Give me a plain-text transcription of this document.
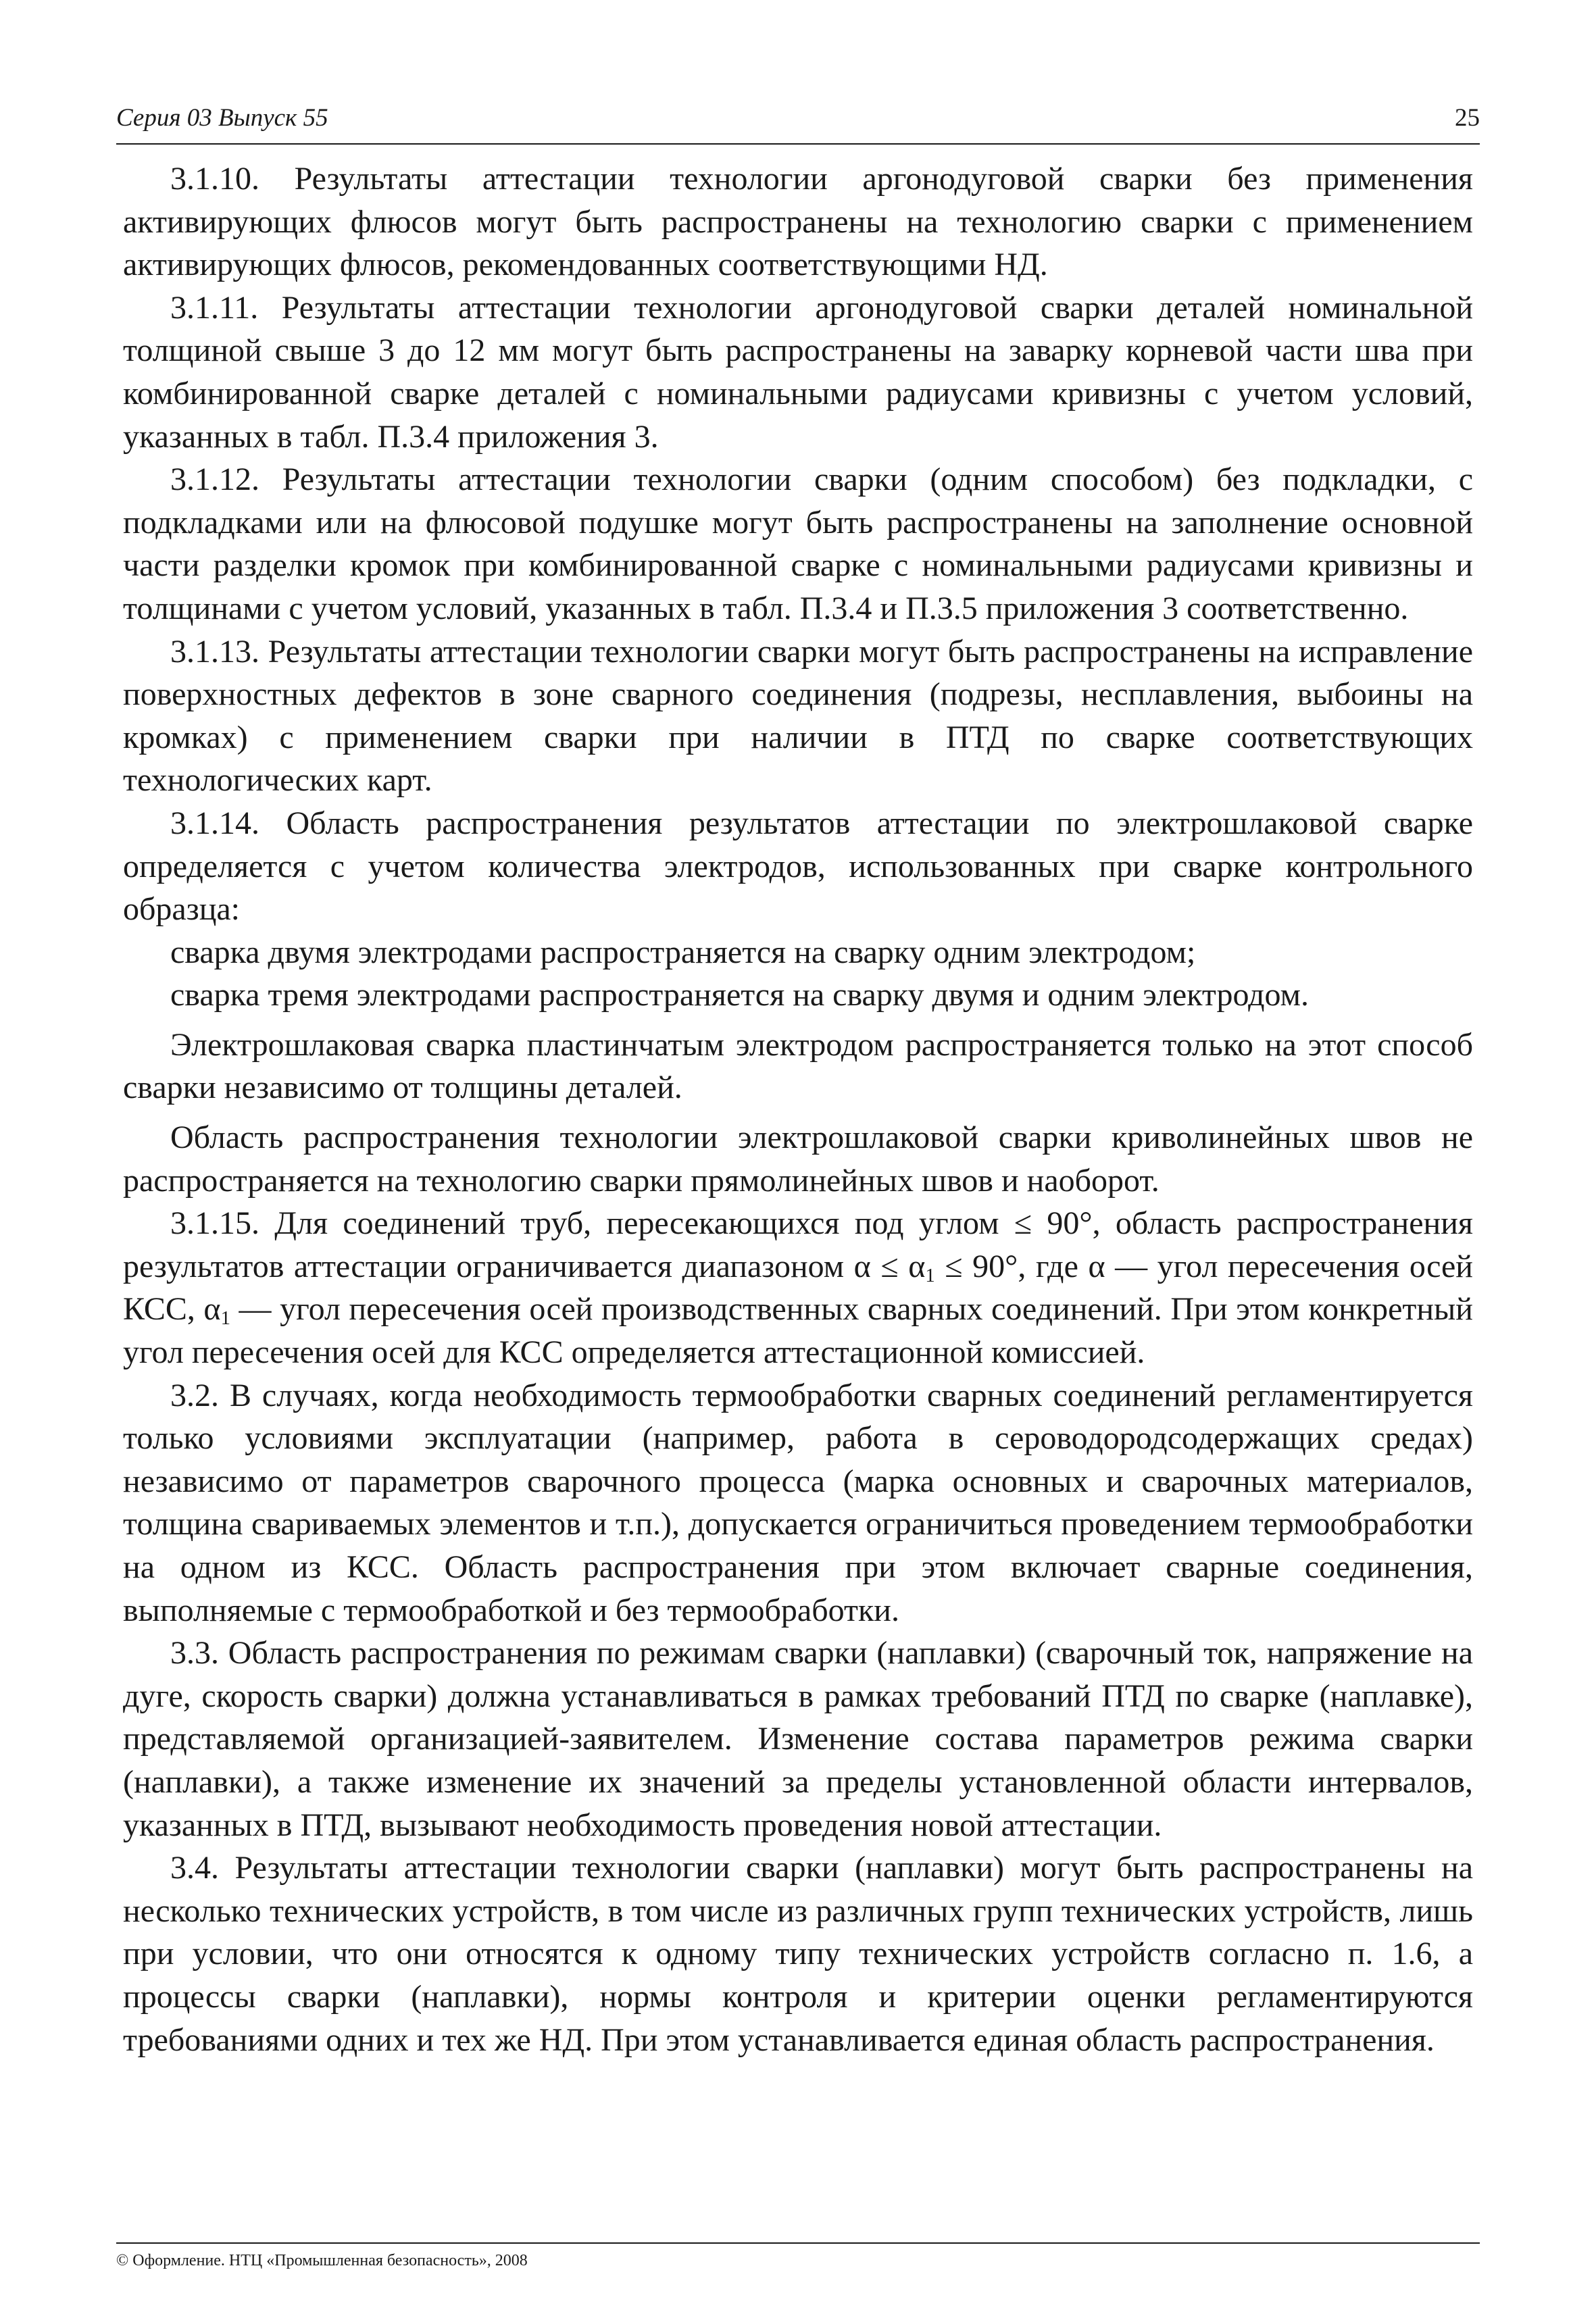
Серия 03 Выпуск 55	25

3.1.10. Результаты аттестации технологии аргонодуговой сварки без применения активирующих флюсов могут быть распространены на технологию сварки с применением активирующих флюсов, рекомендованных соответствующими НД.

3.1.11. Результаты аттестации технологии аргонодуговой сварки деталей номинальной толщиной свыше 3 до 12 мм могут быть распространены на заварку корневой части шва при комбинированной сварке деталей с номинальными радиусами кривизны с учетом условий, указанных в табл. П.3.4 приложения 3.

3.1.12. Результаты аттестации технологии сварки (одним способом) без подкладки, с подкладками или на флюсовой подушке могут быть распространены на заполнение основной части разделки кромок при комбинированной сварке с номинальными радиусами кривизны и толщинами с учетом условий, указанных в табл. П.3.4 и П.3.5 приложения 3 соответственно.

3.1.13. Результаты аттестации технологии сварки могут быть распространены на исправление поверхностных дефектов в зоне сварного соединения (подрезы, несплавления, выбоины на кромках) с применением сварки при наличии в ПТД по сварке соответствующих технологических карт.

3.1.14. Область распространения результатов аттестации по электрошлаковой сварке определяется с учетом количества электродов, использованных при сварке контрольного образца:

сварка двумя электродами распространяется на сварку одним электродом;

сварка тремя электродами распространяется на сварку двумя и одним электродом.

Электрошлаковая сварка пластинчатым электродом распространяется только на этот способ сварки независимо от толщины деталей.

Область распространения технологии электрошлаковой сварки криволинейных швов не распространяется на технологию сварки прямолинейных швов и наоборот.

3.1.15. Для соединений труб, пересекающихся под углом ≤ 90°, область распространения результатов аттестации ограничивается диапазоном $\alpha \le \alpha_1 \le 90^\circ$, где α — угол пересечения осей КСС, $\alpha_1$ — угол пересечения осей производственных сварных соединений. При этом конкретный угол пересечения осей для КСС определяется аттестационной комиссией.

3.2. В случаях, когда необходимость термообработки сварных соединений регламентируется только условиями эксплуатации (например, работа в сероводородсодержащих средах) независимо от параметров сварочного процесса (марка основных и сварочных материалов, толщина свариваемых элементов и т.п.), допускается ограничиться проведением термообработки на одном из КСС. Область распространения при этом включает сварные соединения, выполняемые с термообработкой и без термообработки.

3.3. Область распространения по режимам сварки (наплавки) (сварочный ток, напряжение на дуге, скорость сварки) должна устанавливаться в рамках требований ПТД по сварке (наплавке), представляемой организацией-заявителем. Изменение состава параметров режима сварки (наплавки), а также изменение их значений за пределы установленной области интервалов, указанных в ПТД, вызывают необходимость проведения новой аттестации.

3.4. Результаты аттестации технологии сварки (наплавки) могут быть распространены на несколько технических устройств, в том числе из различных групп технических устройств, лишь при условии, что они относятся к одному типу технических устройств согласно п. 1.6, а процессы сварки (наплавки), нормы контроля и критерии оценки регламентируются требованиями одних и тех же НД. При этом устанавливается единая область распространения.

© Оформление. НТЦ «Промышленная безопасность», 2008
